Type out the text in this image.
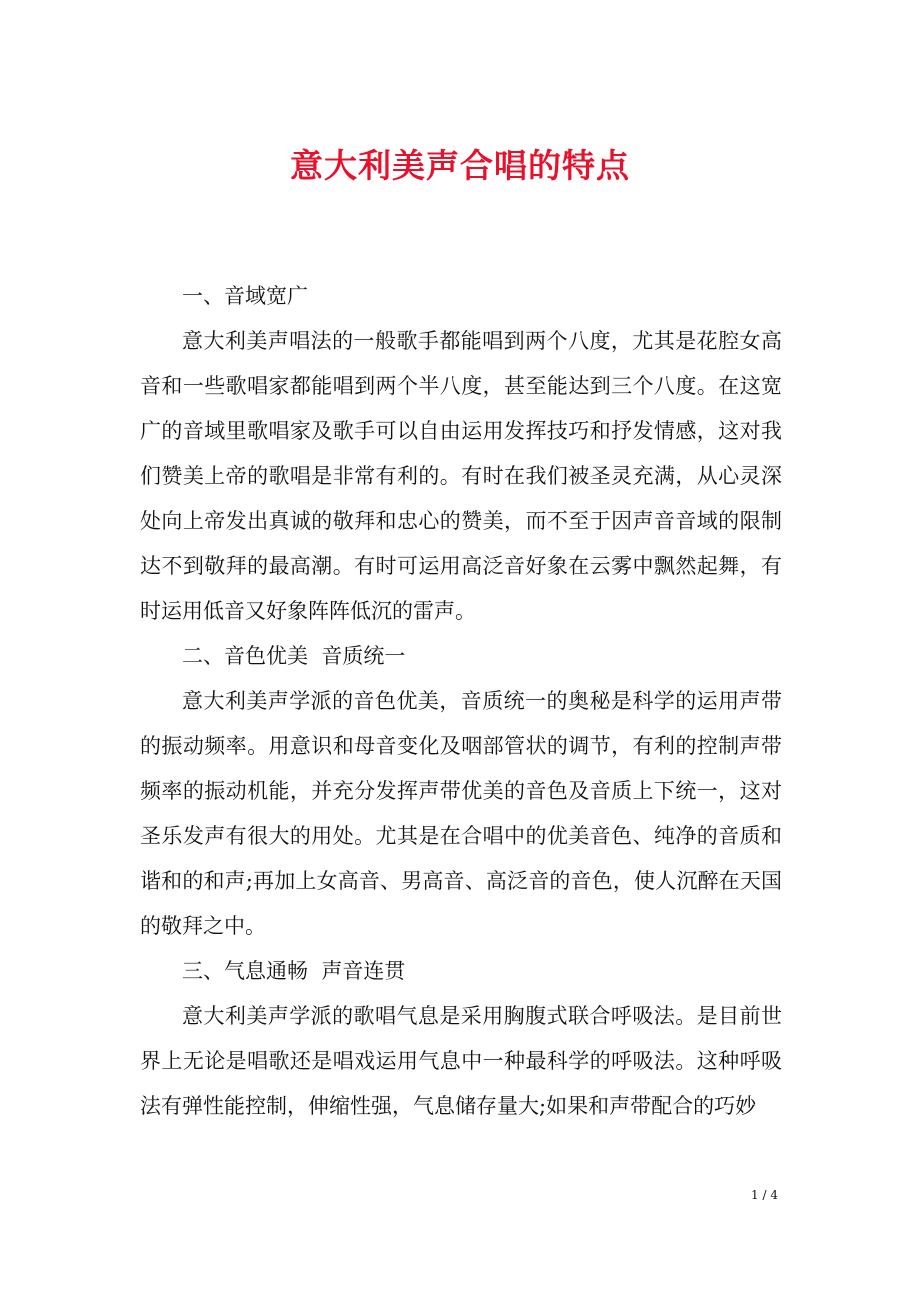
意大利美声合唱的特点

一、音域宽广

意大利美声唱法的一般歌手都能唱到两个八度，尤其是花腔女高音和一些歌唱家都能唱到两个半八度，甚至能达到三个八度。在这宽广的音域里歌唱家及歌手可以自由运用发挥技巧和抒发情感，这对我们赞美上帝的歌唱是非常有利的。有时在我们被圣灵充满，从心灵深处向上帝发出真诚的敬拜和忠心的赞美，而不至于因声音音域的限制达不到敬拜的最高潮。有时可运用高泛音好象在云雾中飘然起舞，有时运用低音又好象阵阵低沉的雷声。

二、音色优美  音质统一

意大利美声学派的音色优美，音质统一的奥秘是科学的运用声带的振动频率。用意识和母音变化及咽部管状的调节，有利的控制声带频率的振动机能，并充分发挥声带优美的音色及音质上下统一，这对圣乐发声有很大的用处。尤其是在合唱中的优美音色、纯净的音质和谐和的和声;再加上女高音、男高音、高泛音的音色，使人沉醉在天国的敬拜之中。

三、气息通畅  声音连贯

意大利美声学派的歌唱气息是采用胸腹式联合呼吸法。是目前世界上无论是唱歌还是唱戏运用气息中一种最科学的呼吸法。这种呼吸法有弹性能控制，伸缩性强，气息储存量大;如果和声带配合的巧妙

1 / 4
